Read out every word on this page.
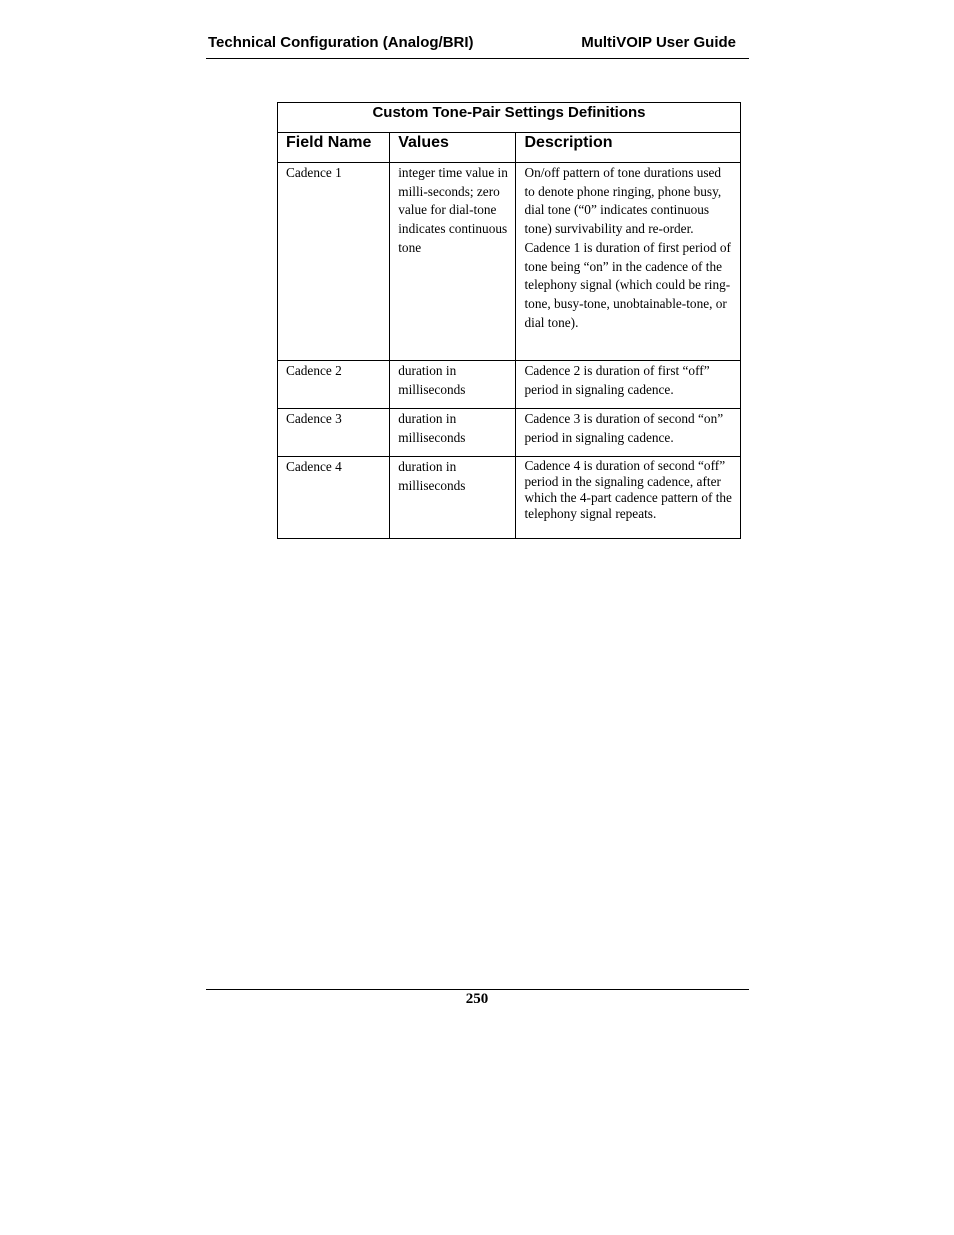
Technical Configuration (Analog/BRI)	MultiVOIP User Guide
Custom Tone-Pair Settings Definitions		
Field Name	Values	Description
Cadence 1	integer time value in milli-seconds; zero value for dial-tone indicates continuous tone	On/off pattern of tone durations used to denote phone ringing, phone busy, dial tone (“0” indicates continuous tone) survivability and re-order. Cadence 1 is duration of first period of tone being “on” in the cadence of the telephony signal (which could be ring-tone, busy-tone, unobtainable-tone, or dial tone).
Cadence 2	duration in milliseconds	Cadence 2 is duration of first “off” period in signaling cadence.
Cadence 3	duration in milliseconds	Cadence 3 is duration of second “on” period in signaling cadence.
Cadence 4	duration in milliseconds	Cadence 4 is duration of second “off” period in the signaling cadence, after which the 4-part cadence pattern of the telephony signal repeats.
250
